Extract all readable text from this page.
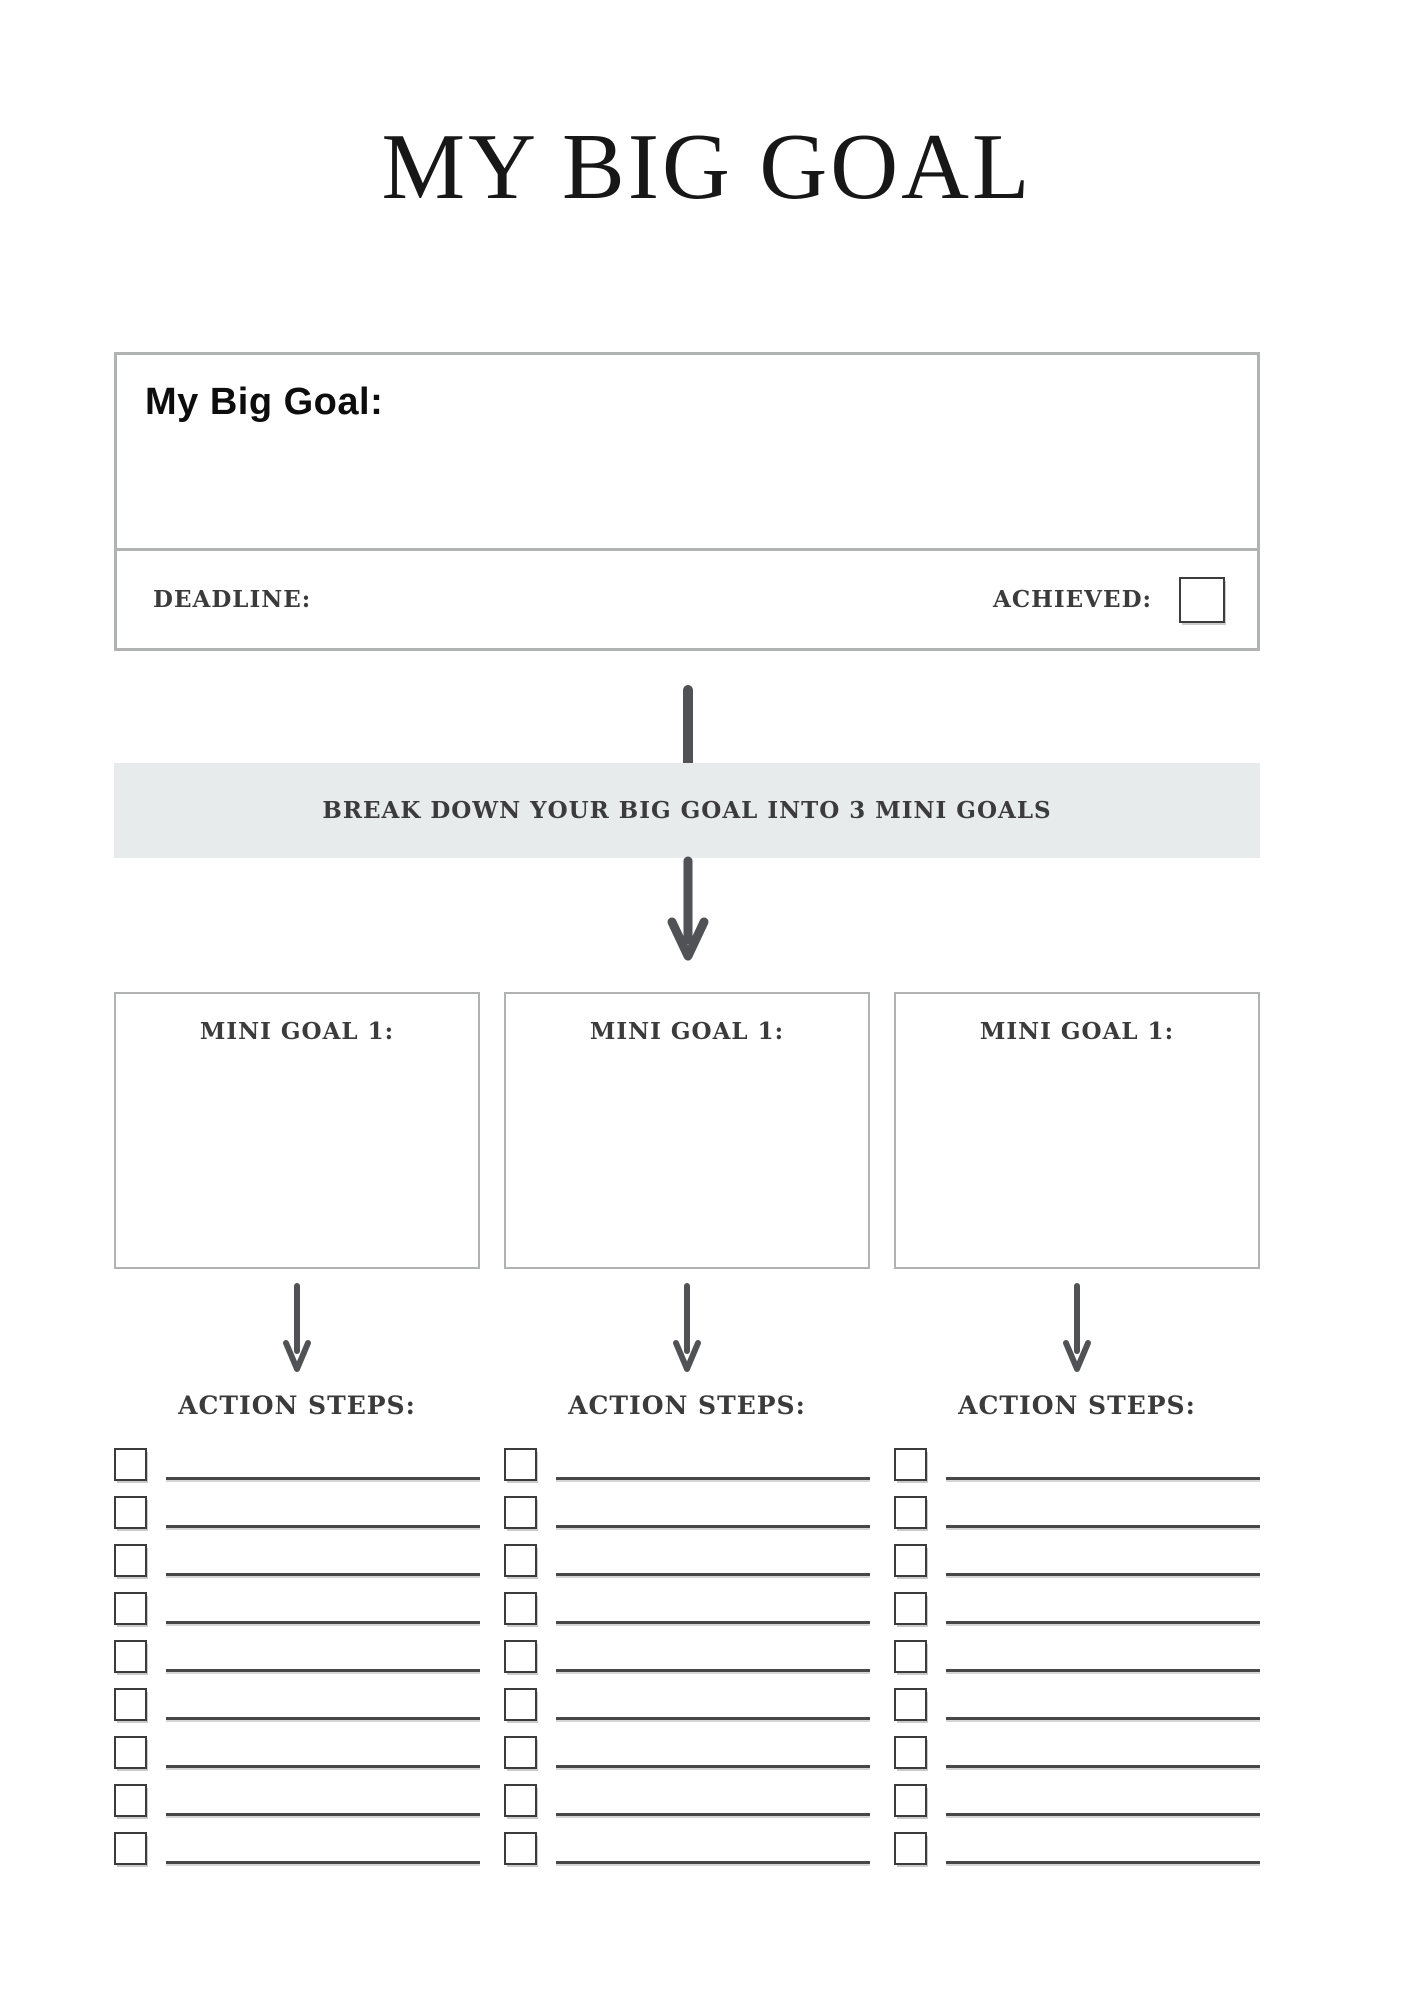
MY BIG GOAL
My Big Goal:
DEADLINE:	ACHIEVED:
BREAK DOWN YOUR BIG GOAL INTO 3 MINI GOALS
MINI GOAL 1:	MINI GOAL 1:	MINI GOAL 1:
ACTION STEPS:	ACTION STEPS:	ACTION STEPS:
